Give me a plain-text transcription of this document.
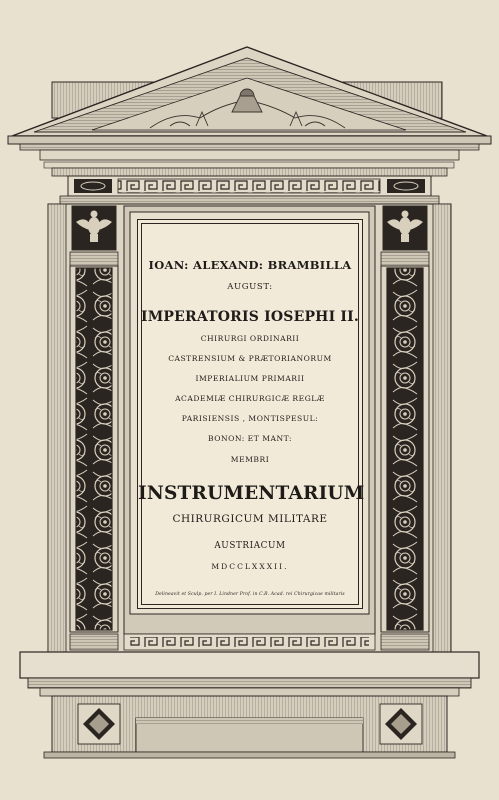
IOAN: ALEXAND: BRAMBILLA
AUGUST:
IMPERATORIS IOSEPHI II.
CHIRURGI ORDINARII
CASTRENSIUM & PRÆTORIANORUM
IMPERIALIUM PRIMARII
ACADEMIÆ CHIRURGICÆ REGLÆ
PARISIENSIS , MONTISPESUL:
BONON: ET MANT:
MEMBRI
INSTRUMENTARIUM
CHIRURGICUM MILITARE
AUSTRIACUM
MDCCLXXXII.
Delineavit et Sculp. per I. Lindner Prof. in C.R. Acad. rei Chirurgicae militaris
